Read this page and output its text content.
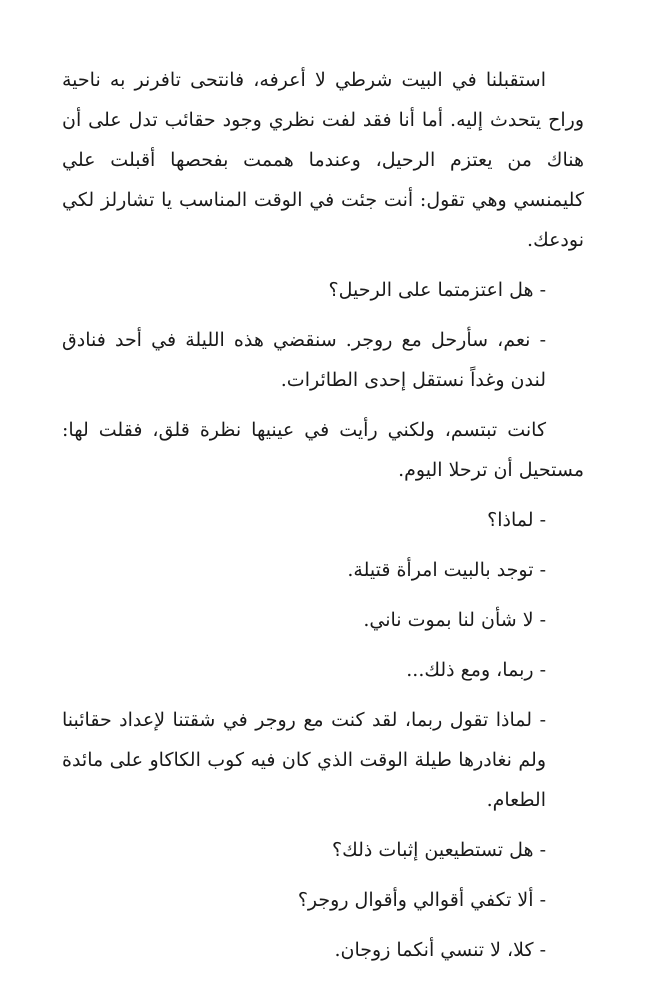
استقبلنا في البيت شرطي لا أعرفه، فانتحى تافرنر به ناحية وراح يتحدث إليه. أما أنا فقد لفت نظري وجود حقائب تدل على أن هناك من يعتزم الرحيل، وعندما هممت بفحصها أقبلت علي كليمنسي وهي تقول: أنت جئت في الوقت المناسب يا تشارلز لكي نودعك.

- هل اعتزمتما على الرحيل؟

- نعم، سأرحل مع روجر. سنقضي هذه الليلة في أحد فنادق لندن وغداً نستقل إحدى الطائرات.

كانت تبتسم، ولكني رأيت في عينيها نظرة قلق، فقلت لها: مستحيل أن ترحلا اليوم.

- لماذا؟

- توجد بالبيت امرأة قتيلة.

- لا شأن لنا بموت ناني.

- ربما، ومع ذلك...

- لماذا تقول ربما، لقد كنت مع روجر في شقتنا لإعداد حقائبنا ولم نغادرها طيلة الوقت الذي كان فيه كوب الكاكاو على مائدة الطعام.

- هل تستطيعين إثبات ذلك؟

- ألا تكفي أقوالي وأقوال روجر؟

- كلا، لا تنسي أنكما زوجان.
